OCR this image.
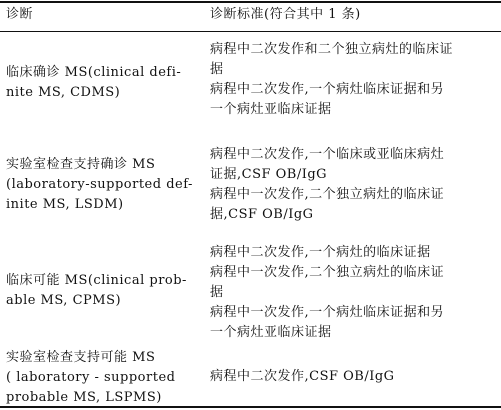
诊断	诊断标准(符合其中 1 条)
临床确诊 MS(clinical defi-
nite MS, CDMS)
病程中二次发作和二个独立病灶的临床证
据
病程中二次发作,一个病灶临床证据和另
一个病灶亚临床证据
实验室检查支持确诊 MS
(laboratory-supported def-
inite MS, LSDM)
病程中二次发作,一个临床或亚临床病灶
证据,CSF OB/IgG
病程中一次发作,二个独立病灶的临床证
据,CSF OB/IgG
临床可能 MS(clinical prob-
able MS, CPMS)
病程中二次发作,一个病灶的临床证据
病程中一次发作,二个独立病灶的临床证
据
病程中一次发作,一个病灶临床证据和另
一个病灶亚临床证据
实验室检查支持可能 MS
( laboratory - supported
probable MS, LSPMS)
病程中二次发作,CSF OB/IgG
